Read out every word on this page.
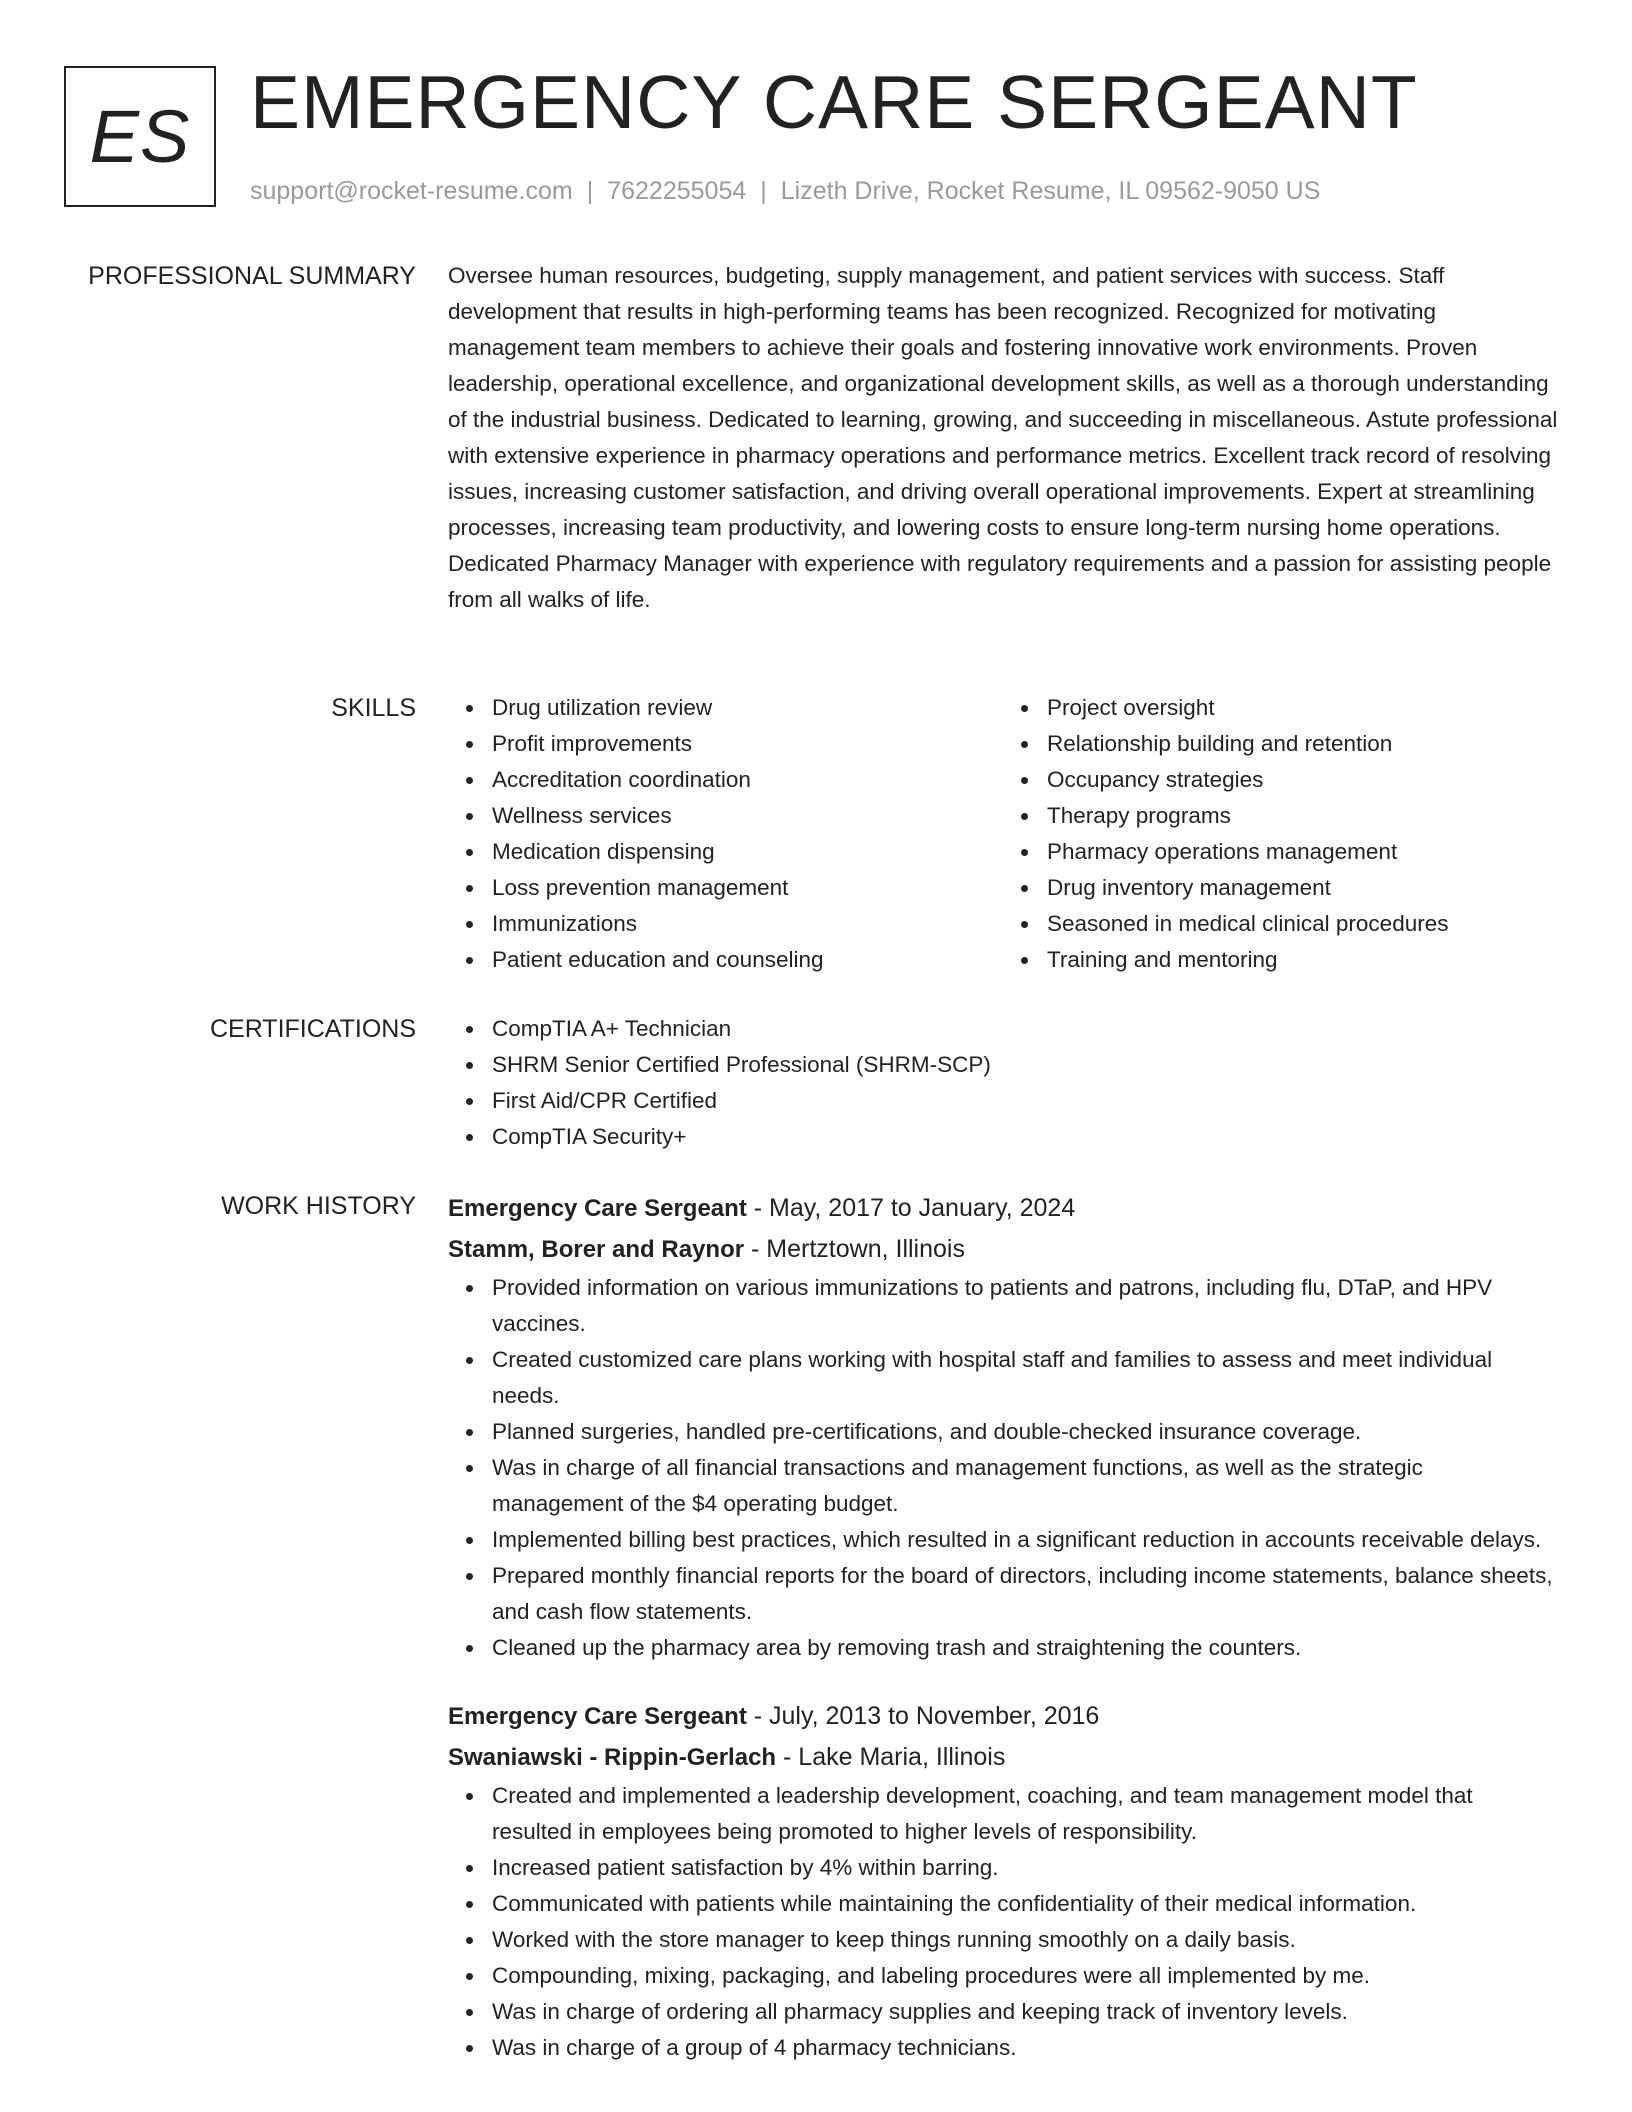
ES EMERGENCY CARE SERGEANT
support@rocket-resume.com | 7622255054 | Lizeth Drive, Rocket Resume, IL 09562-9050 US
PROFESSIONAL SUMMARY Oversee human resources, budgeting, supply management, and patient services with success. Staff development that results in high-performing teams has been recognized. Recognized for motivating management team members to achieve their goals and fostering innovative work environments. Proven leadership, operational excellence, and organizational development skills, as well as a thorough understanding of the industrial business. Dedicated to learning, growing, and succeeding in miscellaneous. Astute professional with extensive experience in pharmacy operations and performance metrics. Excellent track record of resolving issues, increasing customer satisfaction, and driving overall operational improvements. Expert at streamlining processes, increasing team productivity, and lowering costs to ensure long-term nursing home operations. Dedicated Pharmacy Manager with experience with regulatory requirements and a passion for assisting people from all walks of life.
SKILLS	Drug utilization review
Profit improvements
Accreditation coordination
Wellness services
Medication dispensing
Loss prevention management
Immunizations
Patient education and counseling
Project oversight
Relationship building and retention
Occupancy strategies
Therapy programs
Pharmacy operations management
Drug inventory management
Seasoned in medical clinical procedures
Training and mentoring
CERTIFICATIONS	CompTIA A+ Technician
SHRM Senior Certified Professional (SHRM-SCP)
First Aid/CPR Certified
CompTIA Security+
WORK HISTORY Emergency Care Sergeant - May, 2017 to January, 2024
Stamm, Borer and Raynor - Mertztown, Illinois
Provided information on various immunizations to patients and patrons, including flu, DTaP, and HPV vaccines.
Created customized care plans working with hospital staff and families to assess and meet individual needs.
Planned surgeries, handled pre-certifications, and double-checked insurance coverage.
Was in charge of all financial transactions and management functions, as well as the strategic management of the $4 operating budget.
Implemented billing best practices, which resulted in a significant reduction in accounts receivable delays.
Prepared monthly financial reports for the board of directors, including income statements, balance sheets, and cash flow statements.
Cleaned up the pharmacy area by removing trash and straightening the counters.
Emergency Care Sergeant - July, 2013 to November, 2016
Swaniawski - Rippin-Gerlach - Lake Maria, Illinois
Created and implemented a leadership development, coaching, and team management model that resulted in employees being promoted to higher levels of responsibility.
Increased patient satisfaction by 4% within barring.
Communicated with patients while maintaining the confidentiality of their medical information.
Worked with the store manager to keep things running smoothly on a daily basis.
Compounding, mixing, packaging, and labeling procedures were all implemented by me.
Was in charge of ordering all pharmacy supplies and keeping track of inventory levels.
Was in charge of a group of 4 pharmacy technicians.
